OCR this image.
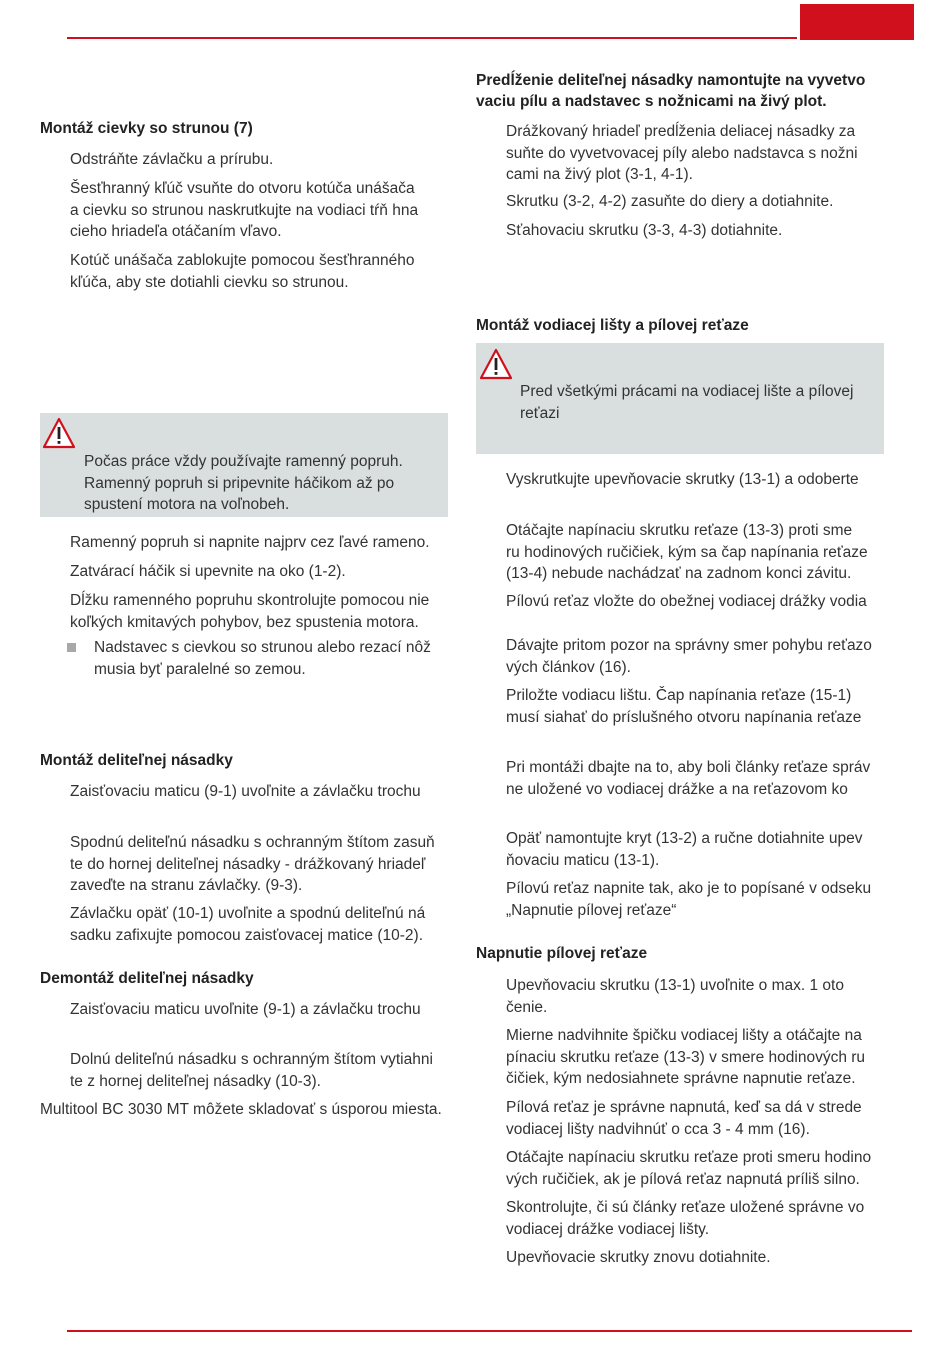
Montáž cievky so strunou (7)

Odstráňte závlačku a prírubu.

Šesťhranný kľúč vsuňte do otvoru kotúča unášača
a cievku so strunou naskrutkujte na vodiaci tŕň hna
cieho hriadeľa otáčaním vľavo.

Kotúč unášača zablokujte pomocou šesťhranného
kľúča, aby ste dotiahli cievku so strunou.

Počas práce vždy používajte ramenný popruh.
Ramenný popruh si pripevnite háčikom až po
spustení motora na voľnobeh.

Ramenný popruh si napnite najprv cez ľavé rameno.

Zatvárací háčik si upevnite na oko (1-2).

Dĺžku ramenného popruhu skontrolujte pomocou nie
koľkých kmitavých pohybov, bez spustenia motora.

Nadstavec s cievkou so strunou alebo rezací nôž
musia byť paralelné so zemou.

Montáž deliteľnej násadky

Zaisťovaciu maticu (9-1) uvoľnite a závlačku trochu

Spodnú deliteľnú násadku s ochranným štítom zasuň
te do hornej deliteľnej násadky - drážkovaný hriadeľ
zaveďte na stranu závlačky. (9-3).

Závlačku opäť (10-1) uvoľnite a spodnú deliteľnú ná
sadku zafixujte pomocou zaisťovacej matice (10-2).

Demontáž deliteľnej násadky

Zaisťovaciu maticu uvoľnite (9-1) a závlačku trochu

Dolnú deliteľnú násadku s ochranným štítom vytiahni
te z hornej deliteľnej násadky (10-3).

Multitool BC 3030 MT môžete skladovať s úsporou miesta.

Predĺženie deliteľnej násadky namontujte na vyvetvo
vaciu pílu a nadstavec s nožnicami na živý plot.

Drážkovaný hriadeľ predĺženia deliacej násadky za
suňte do vyvetvovacej píly alebo nadstavca s nožni
cami na živý plot (3-1, 4-1).

Skrutku (3-2, 4-2) zasuňte do diery a dotiahnite.

Sťahovaciu skrutku (3-3, 4-3) dotiahnite.

Montáž vodiacej lišty a pílovej reťaze

Pred všetkými prácami na vodiacej lište a pílovej
reťazi

Vyskrutkujte upevňovacie skrutky (13-1) a odoberte

Otáčajte napínaciu skrutku reťaze (13-3) proti sme
ru hodinových ručičiek, kým sa čap napínania reťaze
(13-4) nebude nachádzať na zadnom konci závitu.

Pílovú reťaz vložte do obežnej vodiacej drážky vodia

Dávajte pritom pozor na správny smer pohybu reťazo
vých článkov (16).

Priložte vodiacu lištu. Čap napínania reťaze (15-1)
musí siahať do príslušného otvoru napínania reťaze

Pri montáži dbajte na to, aby boli články reťaze správ
ne uložené vo vodiacej drážke a na reťazovom ko

Opäť namontujte kryt (13-2) a ručne dotiahnite upev
ňovaciu maticu (13-1).

Pílovú reťaz napnite tak, ako je to popísané v odseku
„Napnutie pílovej reťaze“

Napnutie pílovej reťaze

Upevňovaciu skrutku (13-1) uvoľnite o max. 1 oto
čenie.

Mierne nadvihnite špičku vodiacej lišty a otáčajte na
pínaciu skrutku reťaze (13-3) v smere hodinových ru
čičiek, kým nedosiahnete správne napnutie reťaze.

Pílová reťaz je správne napnutá, keď sa dá v strede
vodiacej lišty nadvihnúť o cca 3 - 4 mm (16).

Otáčajte napínaciu skrutku reťaze proti smeru hodino
vých ručičiek, ak je pílová reťaz napnutá príliš silno.

Skontrolujte, či sú články reťaze uložené správne vo
vodiacej drážke vodiacej lišty.

Upevňovacie skrutky znovu dotiahnite.
